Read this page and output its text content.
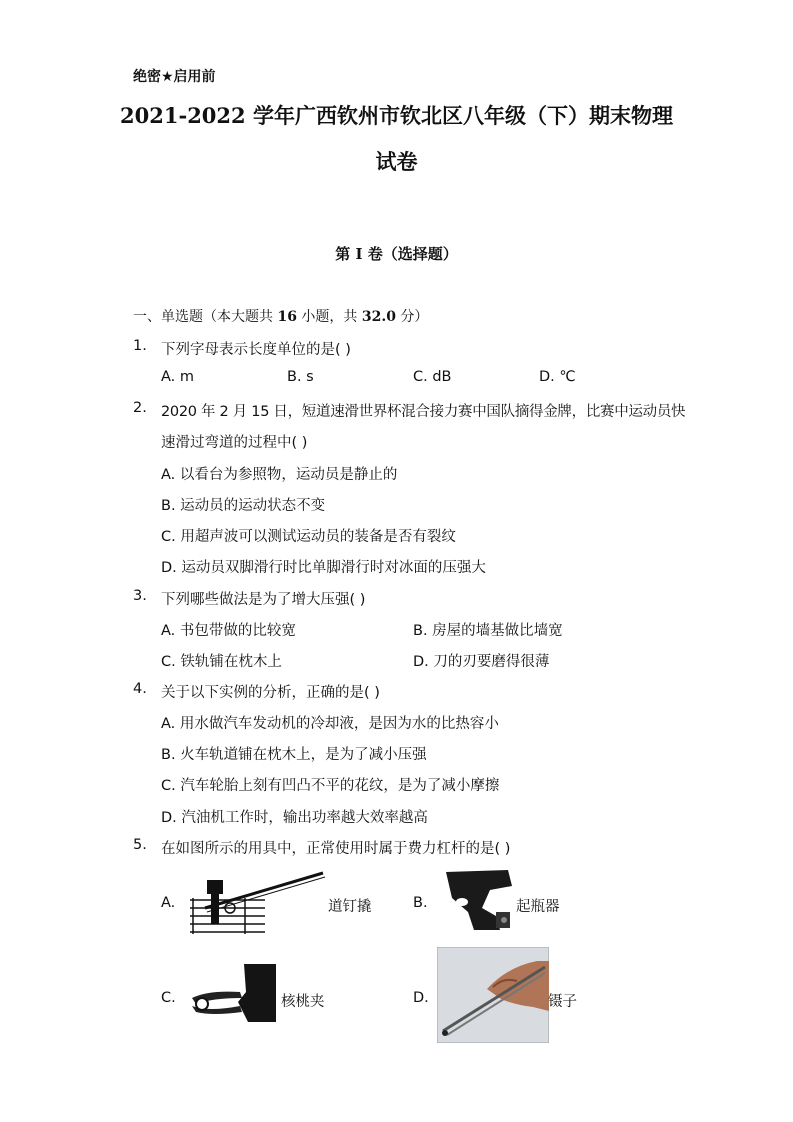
绝密★启用前
2021-2022 学年广西钦州市钦北区八年级（下）期末物理
试卷
第 I 卷（选择题）
一、单选题（本大题共 16 小题，共 32.0 分）
1. 下列字母表示长度单位的是( )
A. m	B. s	C. dB	D. ℃
2. 2020 年 2 月 15 日，短道速滑世界杯混合接力赛中国队摘得金牌，比赛中运动员快
速滑过弯道的过程中( )
A. 以看台为参照物，运动员是静止的
B. 运动员的运动状态不变
C. 用超声波可以测试运动员的装备是否有裂纹
D. 运动员双脚滑行时比单脚滑行时对冰面的压强大
3. 下列哪些做法是为了增大压强( )
A. 书包带做的比较宽	B. 房屋的墙基做比墙宽
C. 铁轨铺在枕木上	D. 刀的刃要磨得很薄
4. 关于以下实例的分析，正确的是( )
A. 用水做汽车发动机的冷却液，是因为水的比热容小
B. 火车轨道铺在枕木上，是为了减小压强
C. 汽车轮胎上刻有凹凸不平的花纹，是为了减小摩擦
D. 汽油机工作时，输出功率越大效率越高
5. 在如图所示的用具中，正常使用时属于费力杠杆的是( )
A.	道钉撬	B.	起瓶器
C.	核桃夹	D.	镊子
